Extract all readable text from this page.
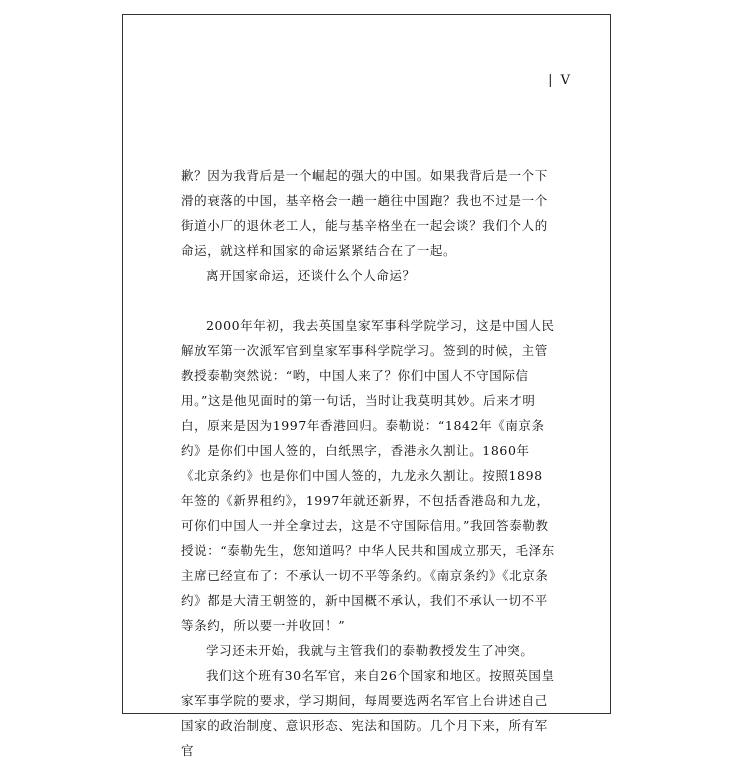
| V

歉？因为我背后是一个崛起的强大的中国。如果我背后是一个下滑的衰落的中国，基辛格会一趟一趟往中国跑？我也不过是一个街道小厂的退休老工人，能与基辛格坐在一起会谈？我们个人的命运，就这样和国家的命运紧紧结合在了一起。

离开国家命运，还谈什么个人命运？

2000年年初，我去英国皇家军事科学院学习，这是中国人民解放军第一次派军官到皇家军事科学院学习。签到的时候，主管教授泰勒突然说：“哟，中国人来了？你们中国人不守国际信用。”这是他见面时的第一句话，当时让我莫明其妙。后来才明白，原来是因为1997年香港回归。泰勒说：“1842年《南京条约》是你们中国人签的，白纸黑字，香港永久割让。1860年《北京条约》也是你们中国人签的，九龙永久割让。按照1898年签的《新界租约》，1997年就还新界，不包括香港岛和九龙，可你们中国人一并全拿过去，这是不守国际信用。”我回答泰勒教授说：“泰勒先生，您知道吗？中华人民共和国成立那天，毛泽东主席已经宣布了：不承认一切不平等条约。《南京条约》《北京条约》都是大清王朝签的，新中国概不承认，我们不承认一切不平等条约，所以要一并收回！”

学习还未开始，我就与主管我们的泰勒教授发生了冲突。

我们这个班有30名军官，来自26个国家和地区。按照英国皇家军事学院的要求，学习期间，每周要选两名军官上台讲述自己国家的政治制度、意识形态、宪法和国防。几个月下来，所有军官
